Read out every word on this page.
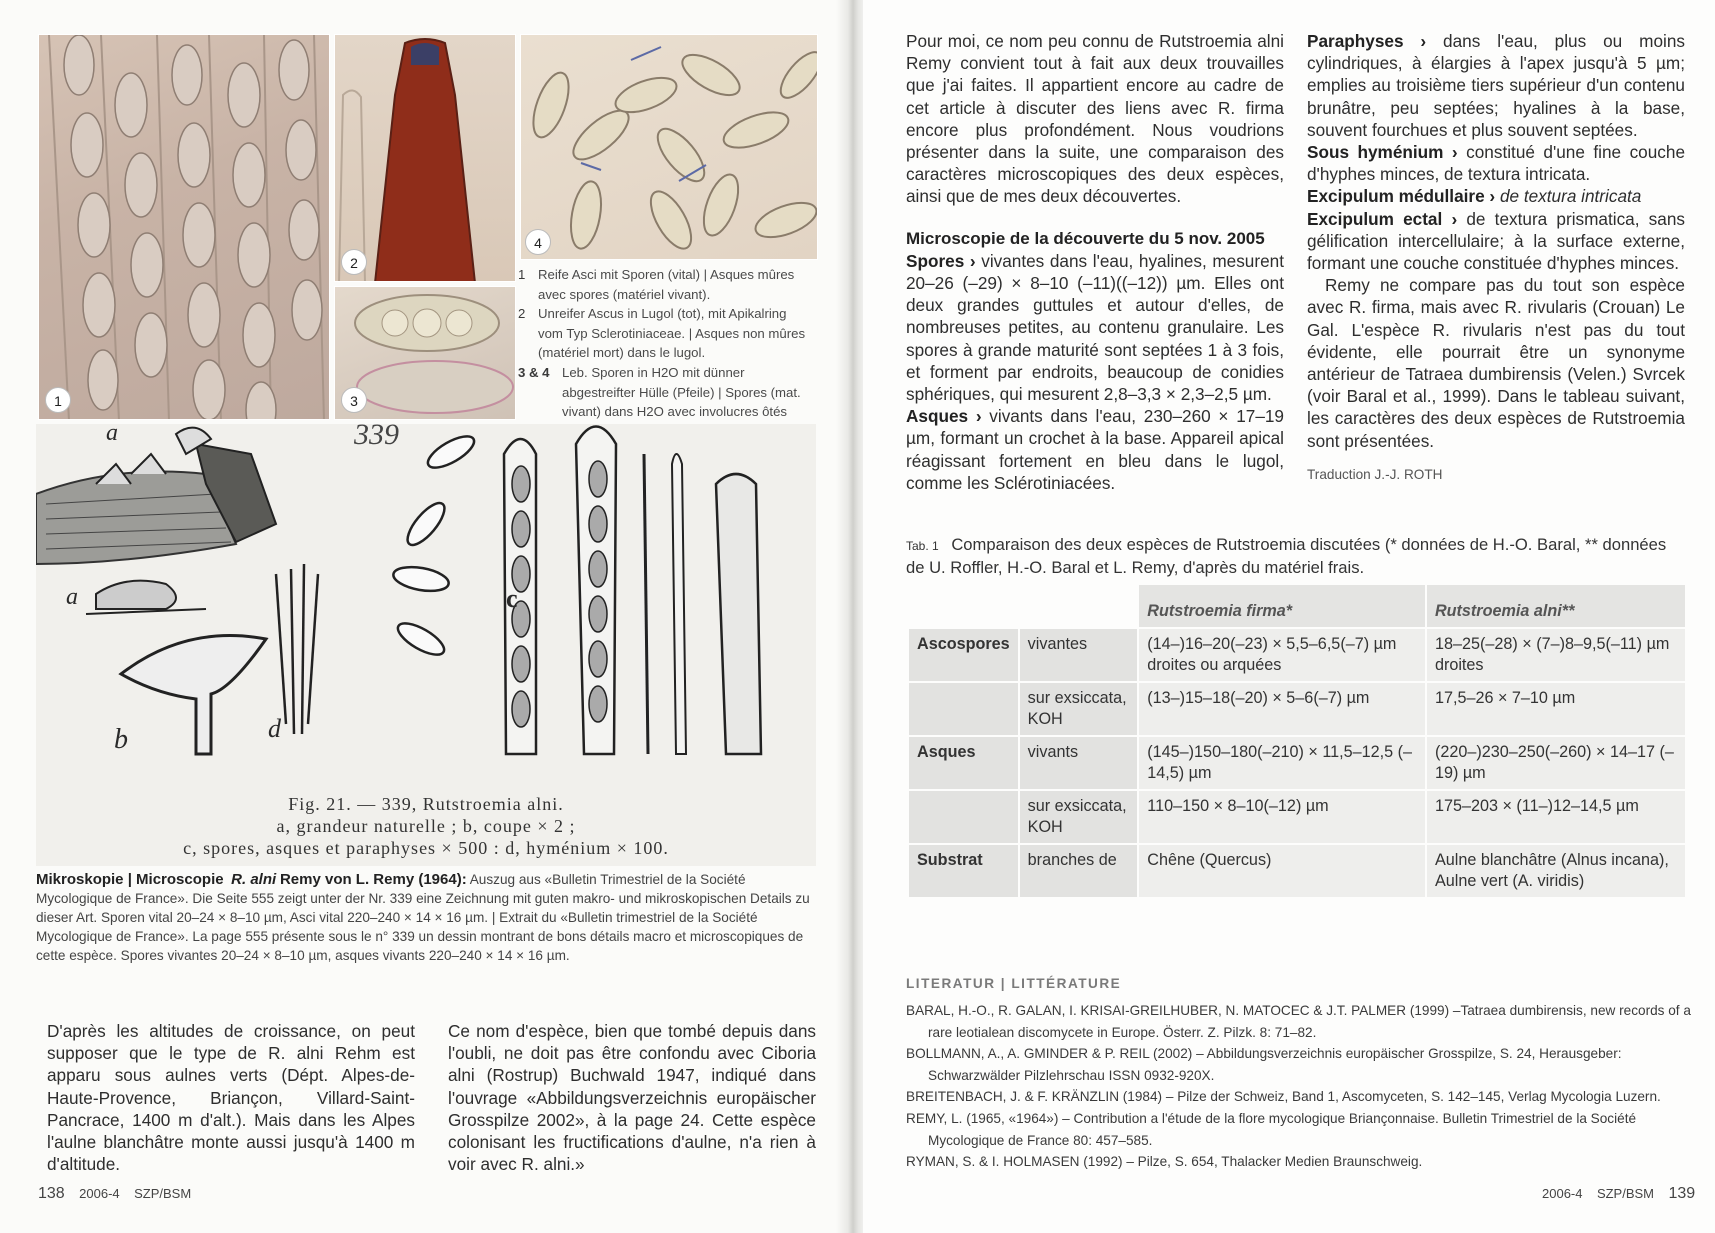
1
2
3
4
1 Reife Asci mit Sporen (vital) | Asques mûres avec spores (matériel vivant).
2 Unreifer Ascus in Lugol (tot), mit Apikalring vom Typ Sclerotiniaceae. | Asques non mûres (matériel mort) dans le lugol.
3 & 4 Leb. Sporen in H2O mit dünner abgestreifter Hülle (Pfeile) | Spores (mat. vivant) dans H2O avec involucres ôtés
a
a
b	d
c
339
Fig. 21. — 339, Rutstroemia alni.
a, grandeur naturelle ; b, coupe × 2 ;
c, spores, asques et paraphyses × 500 : d, hyménium × 100.
Mikroskopie | Microscopie R. alni Remy von L. Remy (1964): Auszug aus «Bulletin Trimestriel de la Société Mycologique de France». Die Seite 555 zeigt unter der Nr. 339 eine Zeichnung mit guten makro- und mikroskopischen Details zu dieser Art. Sporen vital 20–24 × 8–10 µm, Asci vital 220–240 × 14 × 16 µm. | Extrait du «Bulletin trimestriel de la Société Mycologique de France». La page 555 présente sous le n° 339 un dessin montrant de bons détails macro et microscopiques de cette espèce. Spores vivantes 20–24 × 8–10 µm, asques vivants 220–240 × 14 × 16 µm.
D'après les altitudes de croissance, on peut supposer que le type de R. alni Rehm est apparu sous aulnes verts (Dépt. Alpes-de-Haute-Provence, Briançon, Villard-Saint-Pancrace, 1400 m d'alt.). Mais dans les Alpes l'aulne blanchâtre monte aussi jusqu'à 1400 m d'altitude.
Ce nom d'espèce, bien que tombé depuis dans l'oubli, ne doit pas être confondu avec Ciboria alni (Rostrup) Buchwald 1947, indiqué dans l'ouvrage «Abbildungsverzeichnis europäischer Grosspilze 2002», à la page 24. Cette espèce colonisant les fructifications d'aulne, n'a rien à voir avec R. alni.»
138 2006-4 SZP/BSM

Pour moi, ce nom peu connu de Rutstroemia alni Remy convient tout à fait aux deux trouvailles que j'ai faites. Il appartient encore au cadre de cet article à discuter des liens avec R. firma encore plus profondément. Nous voudrions présenter dans la suite, une comparaison des caractères microscopiques des deux espèces, ainsi que de mes deux découvertes.

Microscopie de la découverte du 5 nov. 2005

Spores › vivantes dans l'eau, hyalines, mesurent 20–26 (–29) × 8–10 (–11)((–12)) µm. Elles ont deux grandes guttules et autour d'elles, de nombreuses petites, au contenu granulaire. Les spores à grande maturité sont septées 1 à 3 fois, et forment par endroits, beaucoup de conidies sphériques, qui mesurent 2,8–3,3 × 2,3–2,5 µm.

Asques › vivants dans l'eau, 230–260 × 17–19 µm, formant un crochet à la base. Appareil apical réagissant fortement en bleu dans le lugol, comme les Sclérotiniacées.

Paraphyses › dans l'eau, plus ou moins cylindriques, à élargies à l'apex jusqu'à 5 µm; emplies au troisième tiers supérieur d'un contenu brunâtre, peu septées; hyalines à la base, souvent fourchues et plus souvent septées.

Sous hyménium › constitué d'une fine couche d'hyphes minces, de textura intricata.

Excipulum médullaire › de textura intricata

Excipulum ectal › de textura prismatica, sans gélification intercellulaire; à la surface externe, formant une couche constituée d'hyphes minces.

Remy ne compare pas du tout son espèce avec R. firma, mais avec R. rivularis (Crouan) Le Gal. L'espèce R. rivularis n'est pas du tout évidente, elle pourrait être un synonyme antérieur de Tatraea dumbirensis (Velen.) Svrcek (voir Baral et al., 1999). Dans le tableau suivant, les caractères des deux espèces de Rutstroemia sont présentées.

Traduction J.-J. ROTH

Tab. 1 Comparaison des deux espèces de Rutstroemia discutées (* données de H.-O. Baral, ** données de U. Roffler, H.-O. Baral et L. Remy, d'après du matériel frais.
		Rutstroemia firma*	Rutstroemia alni**
Ascospores	vivantes	(14–)16–20(–23) × 5,5–6,5(–7) µm droites ou arquées	18–25(–28) × (7–)8–9,5(–11) µm droites
	sur exsiccata, KOH	(13–)15–18(–20) × 5–6(–7) µm	17,5–26 × 7–10 µm
Asques	vivants	(145–)150–180(–210) × 11,5–12,5 (–14,5) µm	(220–)230–250(–260) × 14–17 (–19) µm
	sur exsiccata, KOH	110–150 × 8–10(–12) µm	175–203 × (11–)12–14,5 µm
Substrat	branches de	Chêne (Quercus)	Aulne blanchâtre (Alnus incana), Aulne vert (A. viridis)
LITERATUR | LITTÉRATURE

BARAL, H.-O., R. GALAN, I. KRISAI-GREILHUBER, N. MATOCEC & J.T. PALMER (1999) –Tatraea dumbirensis, new records of a rare leotialean discomycete in Europe. Österr. Z. Pilzk. 8: 71–82.

BOLLMANN, A., A. GMINDER & P. REIL (2002) – Abbildungsverzeichnis europäischer Grosspilze, S. 24, Herausgeber: Schwarzwälder Pilzlehrschau ISSN 0932-920X.

BREITENBACH, J. & F. KRÄNZLIN (1984) – Pilze der Schweiz, Band 1, Ascomyceten, S. 142–145, Verlag Mycologia Luzern.

REMY, L. (1965, «1964») – Contribution a l'étude de la flore mycologique Briançonnaise. Bulletin Trimestriel de la Société Mycologique de France 80: 457–585.

RYMAN, S. & I. HOLMASEN (1992) – Pilze, S. 654, Thalacker Medien Braunschweig.

2006-4 SZP/BSM 139
